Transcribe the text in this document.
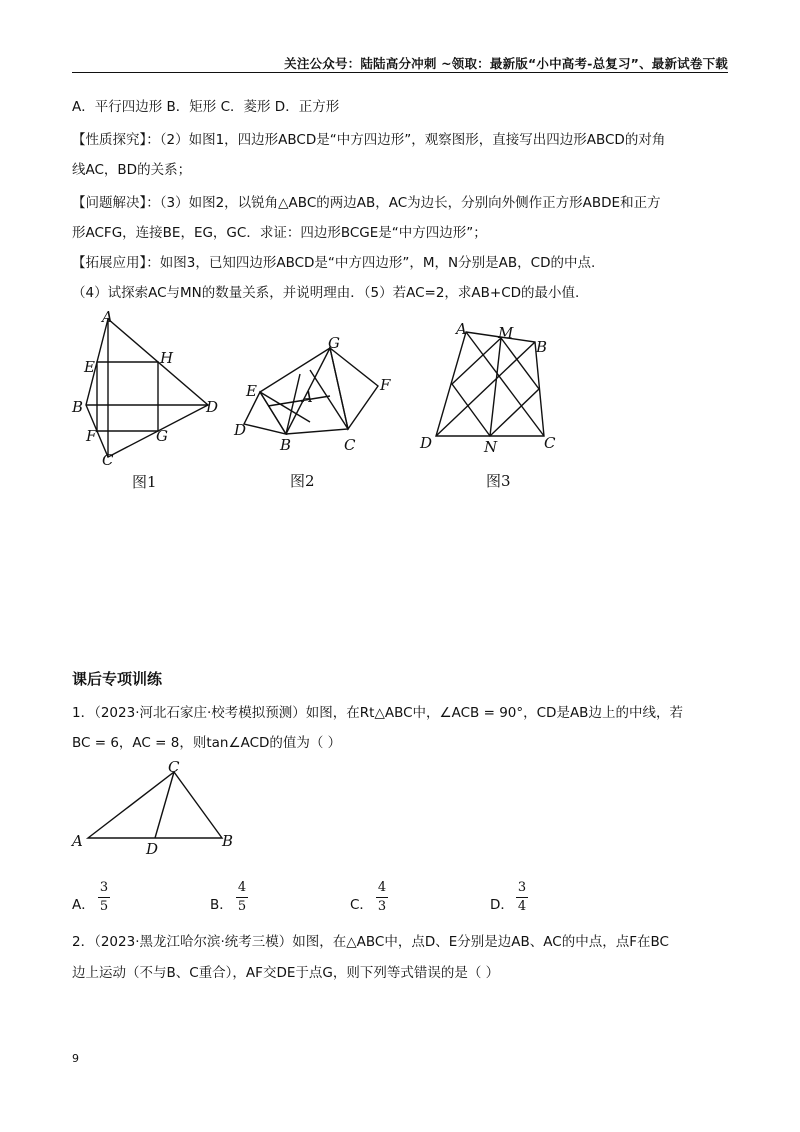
关注公众号：陆陆高分冲刺 ~领取：最新版“小中高考-总复习”、最新试卷下载
A．平行四边形 B．矩形 C．菱形 D．正方形
【性质探究】：（2）如图1，四边形ABCD是“中方四边形”，观察图形，直接写出四边形ABCD的对角
线AC，BD的关系；
【问题解决】：（3）如图2，以锐角△ABC的两边AB，AC为边长，分别向外侧作正方形ABDE和正方
形ACFG，连接BE，EG，GC．求证：四边形BCGE是“中方四边形”；
【拓展应用】：如图3，已知四边形ABCD是“中方四边形”，M，N分别是AB，CD的中点.
（4）试探索AC与MN的数量关系，并说明理由．（5）若AC=2，求AB+CD的最小值.
A
H
E
B	D
F	G
C
图1
G
E	F
A
D
B	C
图2
A M
B
D	N	C
图3
课后专项训练
1．（2023·河北石家庄·校考模拟预测）如图，在Rt△ABC中，∠ACB = 90°，CD是AB边上的中线，若
BC = 6，AC = 8，则tan∠ACD的值为（ ）
C
A	D	B
A．
3
5	B．
4
5	C．
4
3	D．
3
4
2．（2023·黑龙江哈尔滨·统考三模）如图，在△ABC中，点D、E分别是边AB、AC的中点，点F在BC
边上运动（不与B、C重合），AF交DE于点G，则下列等式错误的是（ ）
9
